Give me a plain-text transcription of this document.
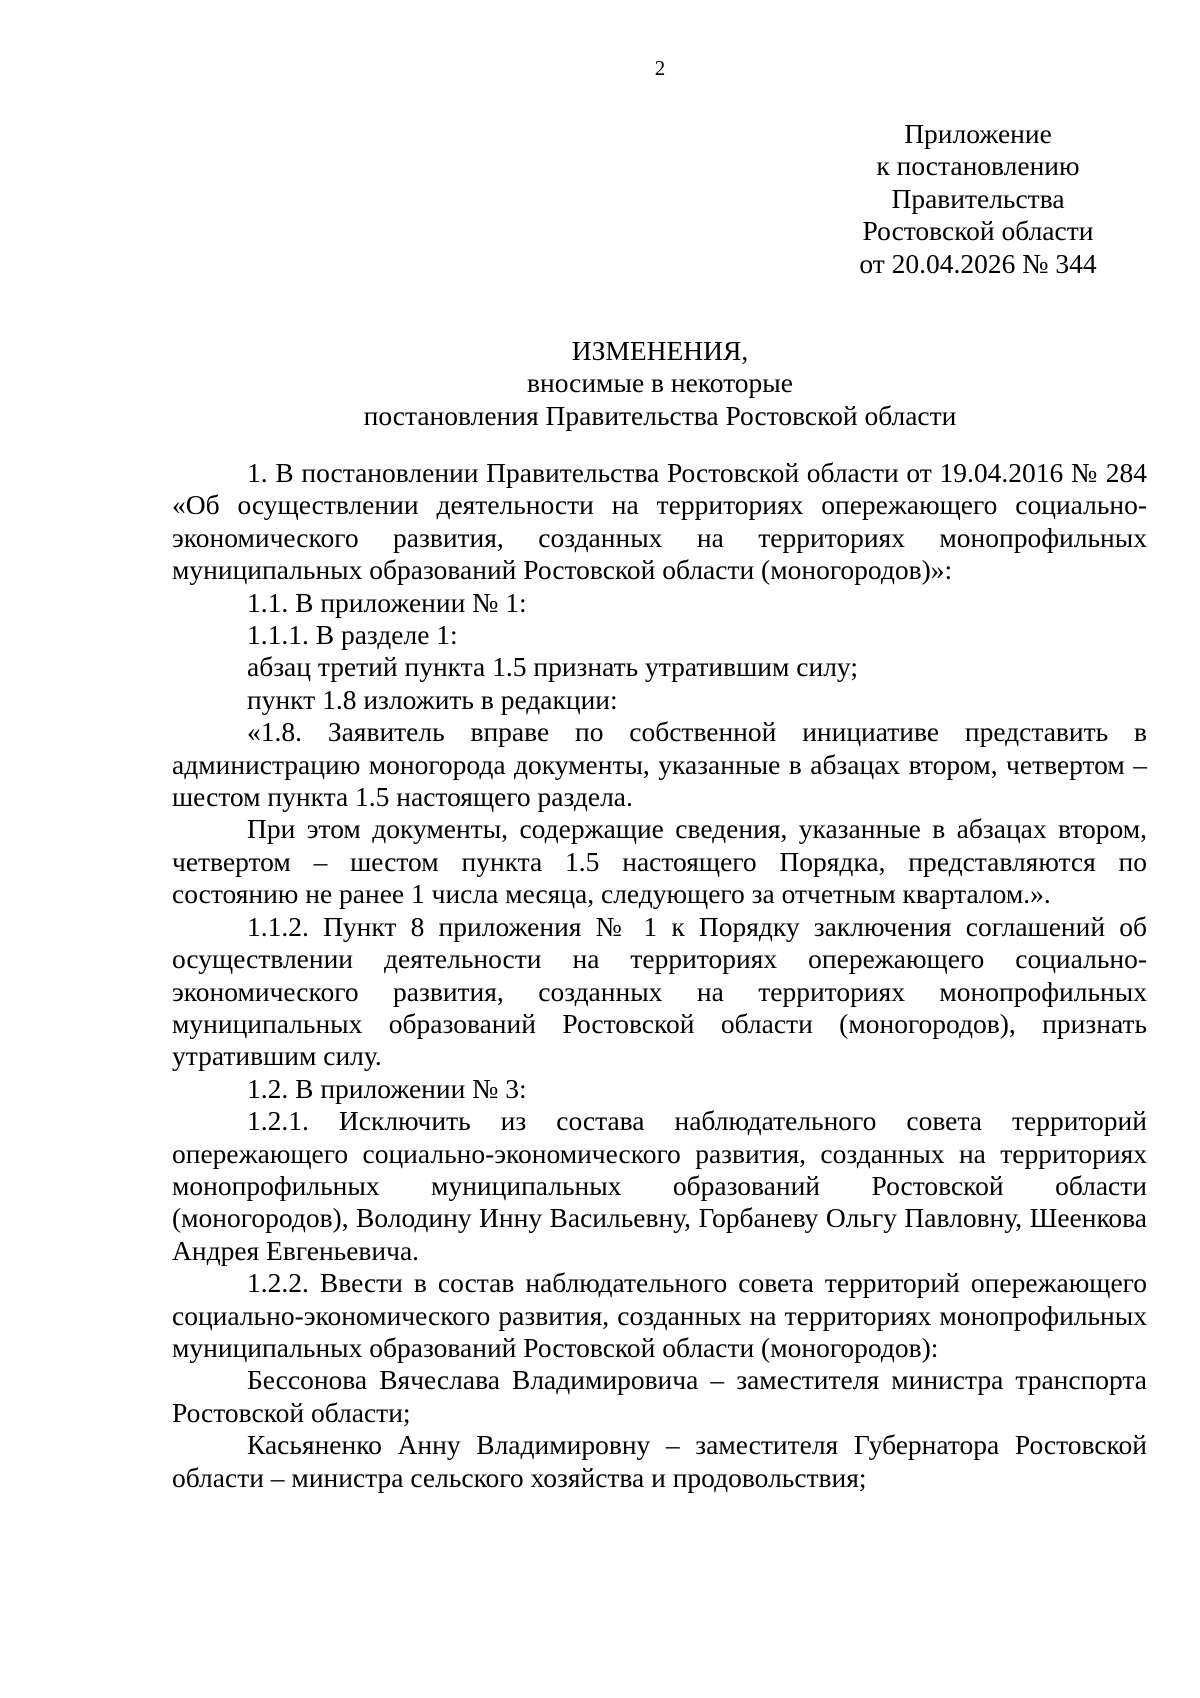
2
Приложение
к постановлению
Правительства
Ростовской области
от 20.04.2026 № 344
ИЗМЕНЕНИЯ,
вносимые в некоторые
постановления Правительства Ростовской области

1. В постановлении Правительства Ростовской области от 19.04.2016 № 284 «Об осуществлении деятельности на территориях опережающего социально-экономического развития, созданных на территориях монопрофильных муниципальных образований Ростовской области (моногородов)»:

1.1. В приложении № 1:

1.1.1. В разделе 1:

абзац третий пункта 1.5 признать утратившим силу;

пункт 1.8 изложить в редакции:

«1.8. Заявитель вправе по собственной инициативе представить в администрацию моногорода документы, указанные в абзацах втором, четвертом – шестом пункта 1.5 настоящего раздела.

При этом документы, содержащие сведения, указанные в абзацах втором, четвертом – шестом пункта 1.5 настоящего Порядка, представляются по состоянию не ранее 1 числа месяца, следующего за отчетным кварталом.».

1.1.2. Пункт 8 приложения № 1 к Порядку заключения соглашений об осуществлении деятельности на территориях опережающего социально-экономического развития, созданных на территориях монопрофильных муниципальных образований Ростовской области (моногородов), признать утратившим силу.

1.2. В приложении № 3:

1.2.1. Исключить из состава наблюдательного совета территорий опережающего социально-экономического развития, созданных на территориях монопрофильных муниципальных образований Ростовской области (моногородов), Володину Инну Васильевну, Горбаневу Ольгу Павловну, Шеенкова Андрея Евгеньевича.

1.2.2. Ввести в состав наблюдательного совета территорий опережающего социально-экономического развития, созданных на территориях монопрофильных муниципальных образований Ростовской области (моногородов):

Бессонова Вячеслава Владимировича – заместителя министра транспорта Ростовской области;

Касьяненко Анну Владимировну – заместителя Губернатора Ростовской области – министра сельского хозяйства и продовольствия;
